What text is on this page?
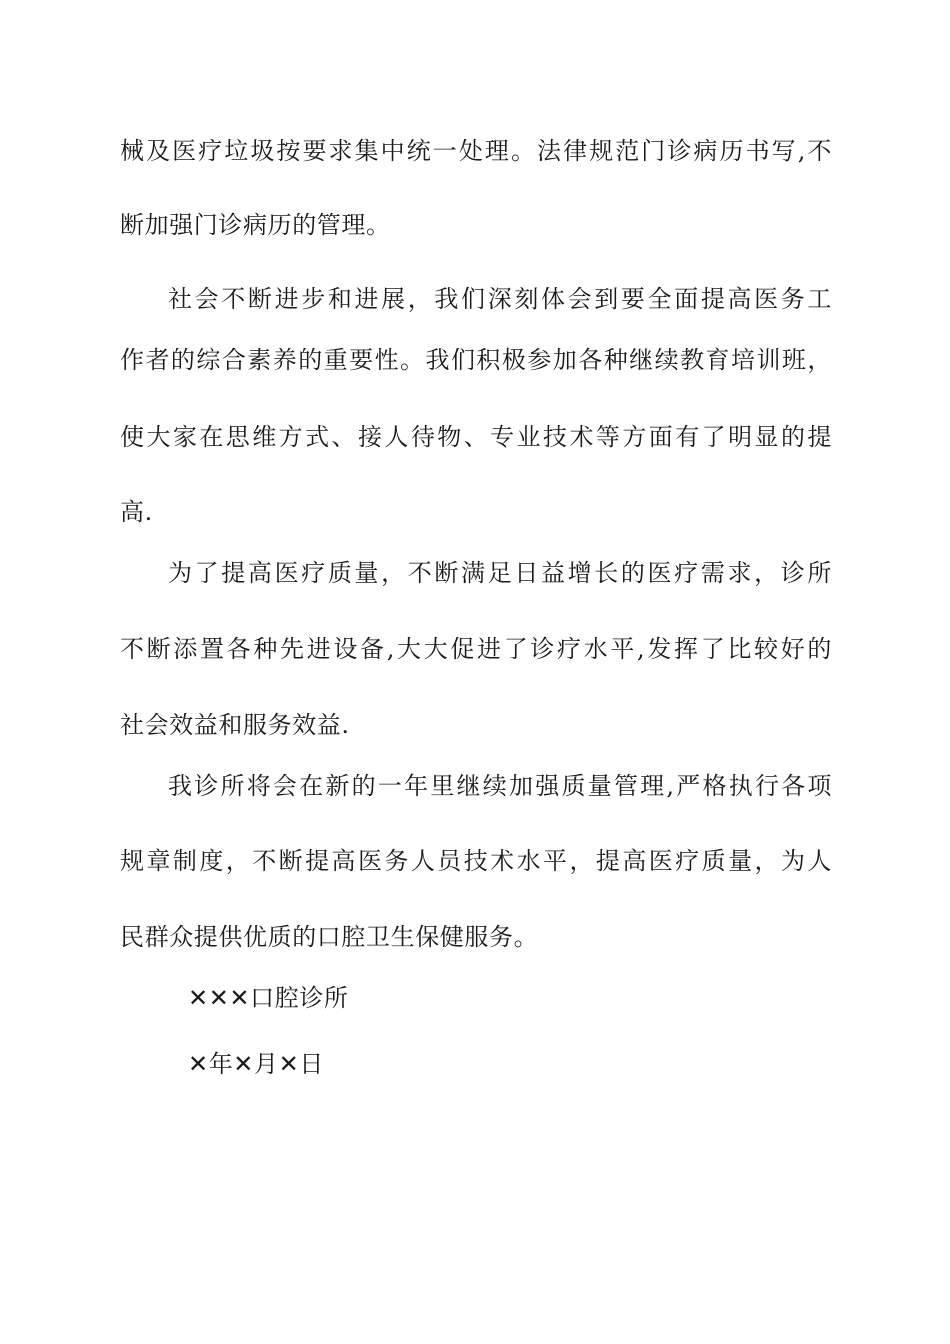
械及医疗垃圾按要求集中统一处理。法律规范门诊病历书写,不
断加强门诊病历的管理。
社会不断进步和进展，我们深刻体会到要全面提高医务工
作者的综合素养的重要性。我们积极参加各种继续教育培训班，
使大家在思维方式、接人待物、专业技术等方面有了明显的提
高.
为了提高医疗质量，不断满足日益增长的医疗需求，诊所
不断添置各种先进设备,大大促进了诊疗水平,发挥了比较好的
社会效益和服务效益.
我诊所将会在新的一年里继续加强质量管理,严格执行各项
规章制度，不断提高医务人员技术水平，提高医疗质量，为人
民群众提供优质的口腔卫生保健服务。
✕✕✕口腔诊所
✕年✕月✕日
